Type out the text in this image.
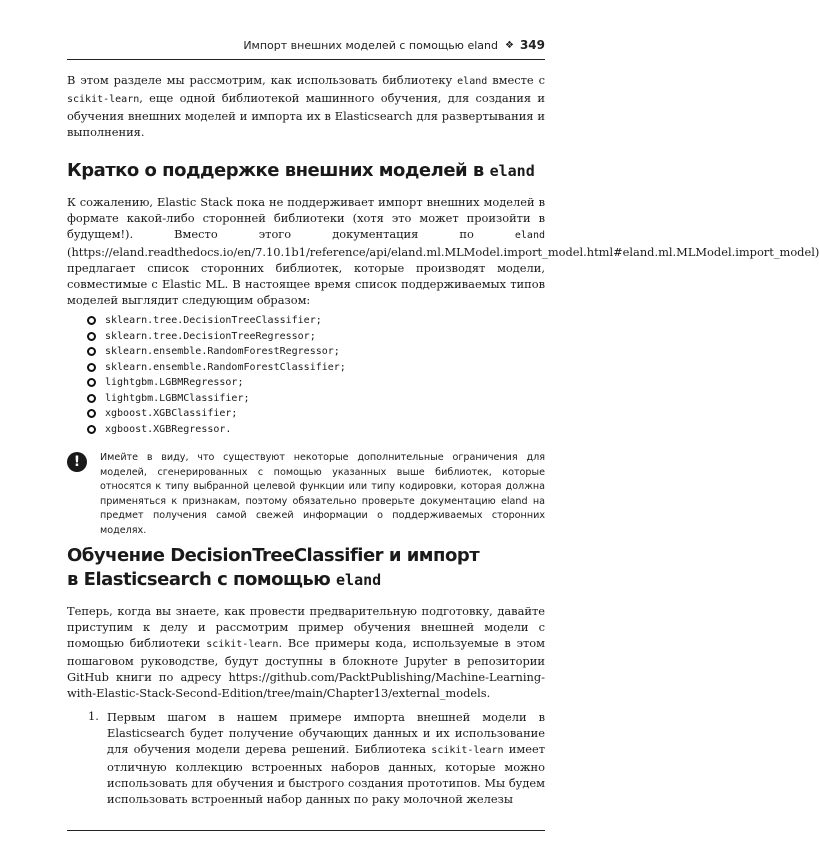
Импорт внешних моделей с помощью eland ❖ 349

В этом разделе мы рассмотрим, как использовать библиотеку eland вместе с scikit-learn, еще одной библиотекой машинного обучения, для создания и обучения внешних моделей и импорта их в Elasticsearch для развертывания и выполнения.

Кратко о поддержке внешних моделей в eland

К сожалению, Elastic Stack пока не поддерживает импорт внешних моделей в формате какой-либо сторонней библиотеки (хотя это может произойти в будущем!). Вместо этого документация по	eland (https://eland.readthedocs.io/en/7.10.1b1/reference/api/eland.ml.MLModel.import_model.html#eland.ml.MLModel.import_model) предлагает список сторонних библиотек, которые производят модели, совместимые с Elastic ML. В настоящее время список поддерживаемых типов моделей выглядит следующим образом:

sklearn.tree.DecisionTreeClassifier;
sklearn.tree.DecisionTreeRegressor;
sklearn.ensemble.RandomForestRegressor;
sklearn.ensemble.RandomForestClassifier;
lightgbm.LGBMRegressor;
lightgbm.LGBMClassifier;
xgboost.XGBClassifier;
xgboost.XGBRegressor.
!	Имейте в виду, что существуют некоторые дополнительные ограничения для моделей, сгенерированных с помощью указанных выше библиотек, которые относятся к типу выбранной целевой функции или типу кодировки, которая должна применяться к признакам, поэтому обязательно проверьте документацию eland на предмет получения самой свежей информации о поддерживаемых сторонних моделях.
Обучение DecisionTreeClassifier и импорт
в Elasticsearch с помощью eland

Теперь, когда вы знаете, как провести предварительную подготовку, давайте приступим к делу и рассмотрим пример обучения внешней модели с помощью библиотеки scikit-learn. Все примеры кода, используемые в этом пошаговом руководстве, будут доступны в блокноте Jupyter в репозитории GitHub книги по адресу https://github.com/PacktPublishing/Machine-Learning-with-Elastic-Stack-Second-Edition/tree/main/Chapter13/external_models.

1. Первым шагом в нашем примере импорта внешней модели в Elasticsearch будет получение обучающих данных и их использование для обучения модели дерева решений. Библиотека scikit-learn имеет отличную коллекцию встроенных наборов данных, которые можно использовать для обучения и быстрого создания прототипов. Мы будем использовать встроенный набор данных по раку молочной железы
